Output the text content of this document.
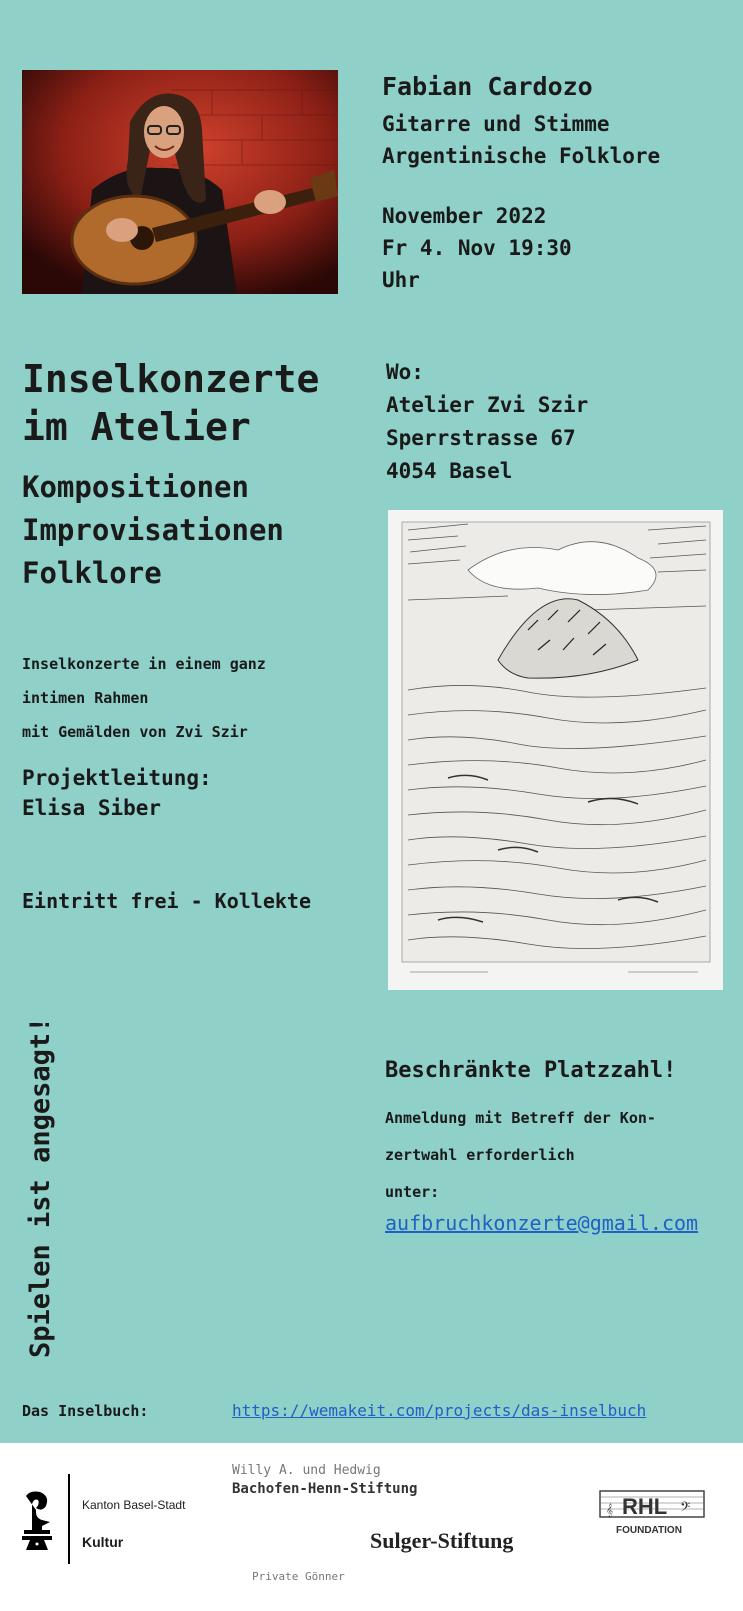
Fabian Cardozo
Gitarre und Stimme
Argentinische Folklore
November 2022
Fr 4. Nov 19:30
Uhr
Inselkonzerte
im Atelier
Kompositionen
Improvisationen
Folklore
Inselkonzerte in einem ganz
intimen Rahmen
mit Gemälden von Zvi Szir
Projektleitung:
Elisa Siber
Eintritt frei - Kollekte
Wo:
Atelier Zvi Szir
Sperrstrasse 67
4054 Basel
Spielen ist angesagt!	Beschränkte Platzzahl!
Anmeldung mit Betreff der Kon-
zertwahl erforderlich
unter:
aufbruchkonzerte@gmail.com
Das Inselbuch:	https://wemakeit.com/projects/das-inselbuch
Kanton Basel-Stadt
Kultur
Willy A. und Hedwig
Bachofen-Henn-Stiftung
Sulger-Stiftung
Private Gönner
𝄞 RHL 𝄢
FOUNDATION
